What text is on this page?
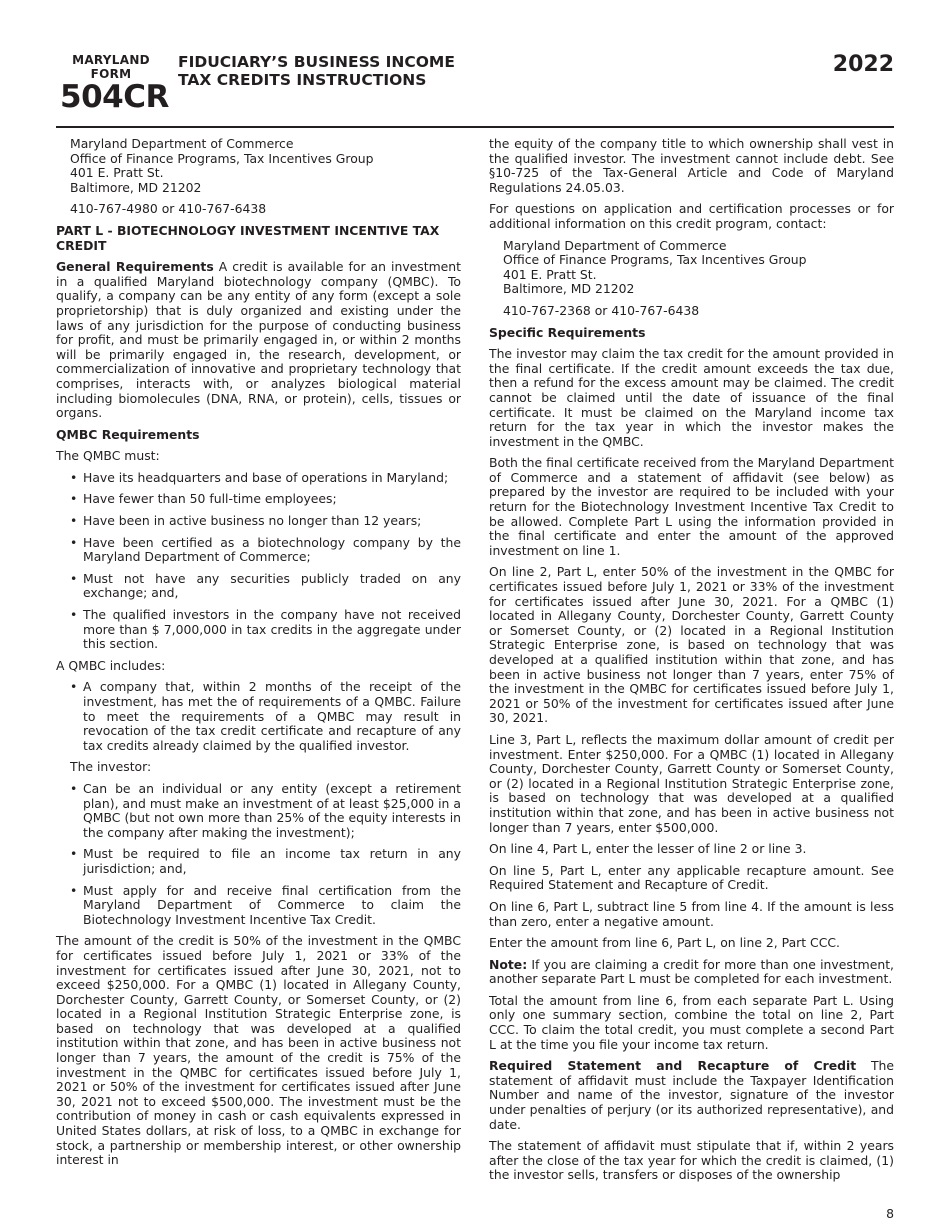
MARYLAND
FORM
504CR
FIDUCIARY’S BUSINESS INCOME
TAX CREDITS INSTRUCTIONS
2022
Maryland Department of Commerce
Office of Finance Programs, Tax Incentives Group
401 E. Pratt St.
Baltimore, MD 21202
410-767-4980 or 410-767-6438
PART L - BIOTECHNOLOGY INVESTMENT INCENTIVE TAX CREDIT

General Requirements A credit is available for an investment in a qualified Maryland biotechnology company (QMBC). To qualify, a company can be any entity of any form (except a sole proprietorship) that is duly organized and existing under the laws of any jurisdiction for the purpose of conducting business for profit, and must be primarily engaged in, or within 2 months will be primarily engaged in, the research, development, or commercialization of innovative and proprietary technology that comprises, interacts with, or analyzes biological material including biomolecules (DNA, RNA, or protein), cells, tissues or organs.

QMBC Requirements

The QMBC must:

• Have its headquarters and base of operations in Maryland;
• Have fewer than 50 full-time employees;
• Have been in active business no longer than 12 years;
• Have been certified as a biotechnology company by the Maryland Department of Commerce;
• Must not have any securities publicly traded on any exchange; and,
• The qualified investors in the company have not received more than $ 7,000,000 in tax credits in the aggregate under this section.

A QMBC includes:

• A company that, within 2 months of the receipt of the investment, has met the of requirements of a QMBC. Failure to meet the requirements of a QMBC may result in revocation of the tax credit certificate and recapture of any tax credits already claimed by the qualified investor.
The investor:
• Can be an individual or any entity (except a retirement plan), and must make an investment of at least $25,000 in a QMBC (but not own more than 25% of the equity interests in the company after making the investment);
• Must be required to file an income tax return in any jurisdiction; and,
• Must apply for and receive final certification from the Maryland Department of Commerce to claim the Biotechnology Investment Incentive Tax Credit.

The amount of the credit is 50% of the investment in the QMBC for certificates issued before July 1, 2021 or 33% of the investment for certificates issued after June 30, 2021, not to exceed $250,000. For a QMBC (1) located in Allegany County, Dorchester County, Garrett County, or Somerset County, or (2) located in a Regional Institution Strategic Enterprise zone, is based on technology that was developed at a qualified institution within that zone, and has been in active business not longer than 7 years, the amount of the credit is 75% of the investment in the QMBC for certificates issued before July 1, 2021 or 50% of the investment for certificates issued after June 30, 2021 not to exceed $500,000. The investment must be the contribution of money in cash or cash equivalents expressed in United States dollars, at risk of loss, to a QMBC in exchange for stock, a partnership or membership interest, or other ownership interest in

the equity of the company title to which ownership shall vest in the qualified investor. The investment cannot include debt. See §10-725 of the Tax-General Article and Code of Maryland Regulations 24.05.03.

For questions on application and certification processes or for additional information on this credit program, contact:

Maryland Department of Commerce
Office of Finance Programs, Tax Incentives Group
401 E. Pratt St.
Baltimore, MD 21202
410-767-2368 or 410-767-6438
Specific Requirements

The investor may claim the tax credit for the amount provided in the final certificate. If the credit amount exceeds the tax due, then a refund for the excess amount may be claimed. The credit cannot be claimed until the date of issuance of the final certificate. It must be claimed on the Maryland income tax return for the tax year in which the investor makes the investment in the QMBC.

Both the final certificate received from the Maryland Department of Commerce and a statement of affidavit (see below) as prepared by the investor are required to be included with your return for the Biotechnology Investment Incentive Tax Credit to be allowed. Complete Part L using the information provided in the final certificate and enter the amount of the approved investment on line 1.

On line 2, Part L, enter 50% of the investment in the QMBC for certificates issued before July 1, 2021 or 33% of the investment for certificates issued after June 30, 2021. For a QMBC (1) located in Allegany County, Dorchester County, Garrett County or Somerset County, or (2) located in a Regional Institution Strategic Enterprise zone, is based on technology that was developed at a qualified institution within that zone, and has been in active business not longer than 7 years, enter 75% of the investment in the QMBC for certificates issued before July 1, 2021 or 50% of the investment for certificates issued after June 30, 2021.

Line 3, Part L, reflects the maximum dollar amount of credit per investment. Enter $250,000. For a QMBC (1) located in Allegany County, Dorchester County, Garrett County or Somerset County, or (2) located in a Regional Institution Strategic Enterprise zone, is based on technology that was developed at a qualified institution within that zone, and has been in active business not longer than 7 years, enter $500,000.

On line 4, Part L, enter the lesser of line 2 or line 3.

On line 5, Part L, enter any applicable recapture amount. See Required Statement and Recapture of Credit.

On line 6, Part L, subtract line 5 from line 4. If the amount is less than zero, enter a negative amount.

Enter the amount from line 6, Part L, on line 2, Part CCC.

Note: If you are claiming a credit for more than one investment, another separate Part L must be completed for each investment.

Total the amount from line 6, from each separate Part L. Using only one summary section, combine the total on line 2, Part CCC. To claim the total credit, you must complete a second Part L at the time you file your income tax return.

Required Statement and Recapture of Credit The statement of affidavit must include the Taxpayer Identification Number and name of the investor, signature of the investor under penalties of perjury (or its authorized representative), and date.

The statement of affidavit must stipulate that if, within 2 years after the close of the tax year for which the credit is claimed, (1) the investor sells, transfers or disposes of the ownership

8
